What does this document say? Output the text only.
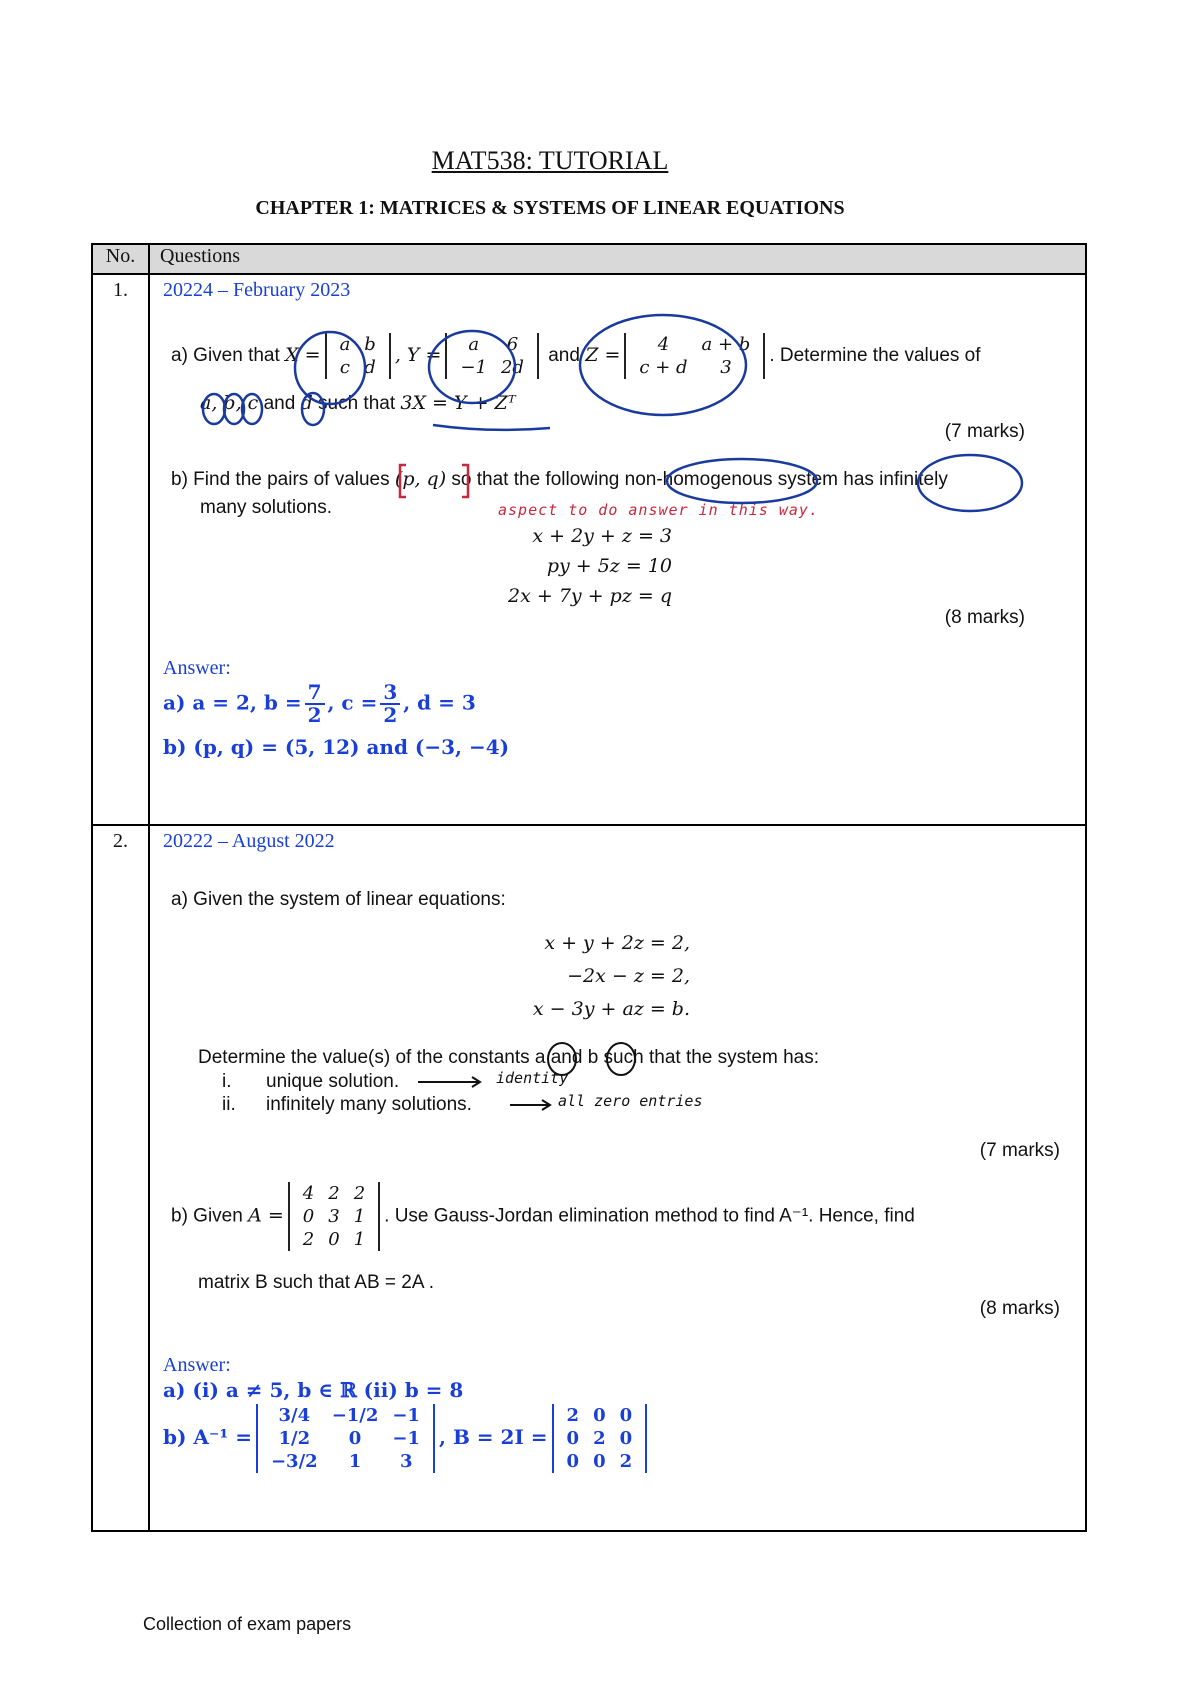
MAT538: TUTORIAL
CHAPTER 1: MATRICES & SYSTEMS OF LINEAR EQUATIONS
No.	Questions
1.	20224 – February 2023
a) Given that X = a	b
c	d
, Y = a	6
−1	2d
and Z = 4	a + b
c + d	3
. Determine the values of
a, b, c and d such that 3X = Y + Zᵀ
(7 marks)
b) Find the pairs of values (p, q) so that the following non-homogenous system has infinitely
many solutions.
x + 2y + z = 3
py + 5z = 10
2x + 7y + pz = q
(8 marks)
Answer:
a) a = 2, $b = \frac{7}{2}$ , $c = \frac{3}{2}$ , d = 3
b) (p, q) = (5, 12) and (−3, −4)
aspect to do answer in this way.

2.	20222 – August 2022
a) Given the system of linear equations:
x + y + 2z = 2,
−2x − z = 2,
x − 3y + az = b.
Determine the value(s) of the constants a and b such that the system has:
i. unique solution.
ii. infinitely many solutions.
identity
all zero entries
(7 marks)
b) Given A =
4	2	2
0	3	1
2	0	1
. Use Gauss-Jordan elimination method to find A⁻¹. Hence, find
matrix B such that AB = 2A .
(8 marks)
Answer:
a) (i) a ≠ 5, b ∈ ℝ (ii) b = 8
b) A⁻¹ =
3/4	−1/2	−1
1/2	0	−1
−3/2	1	3
, B = 2I =
2	0	0
0	2	0
0	0	2
Collection of exam papers
